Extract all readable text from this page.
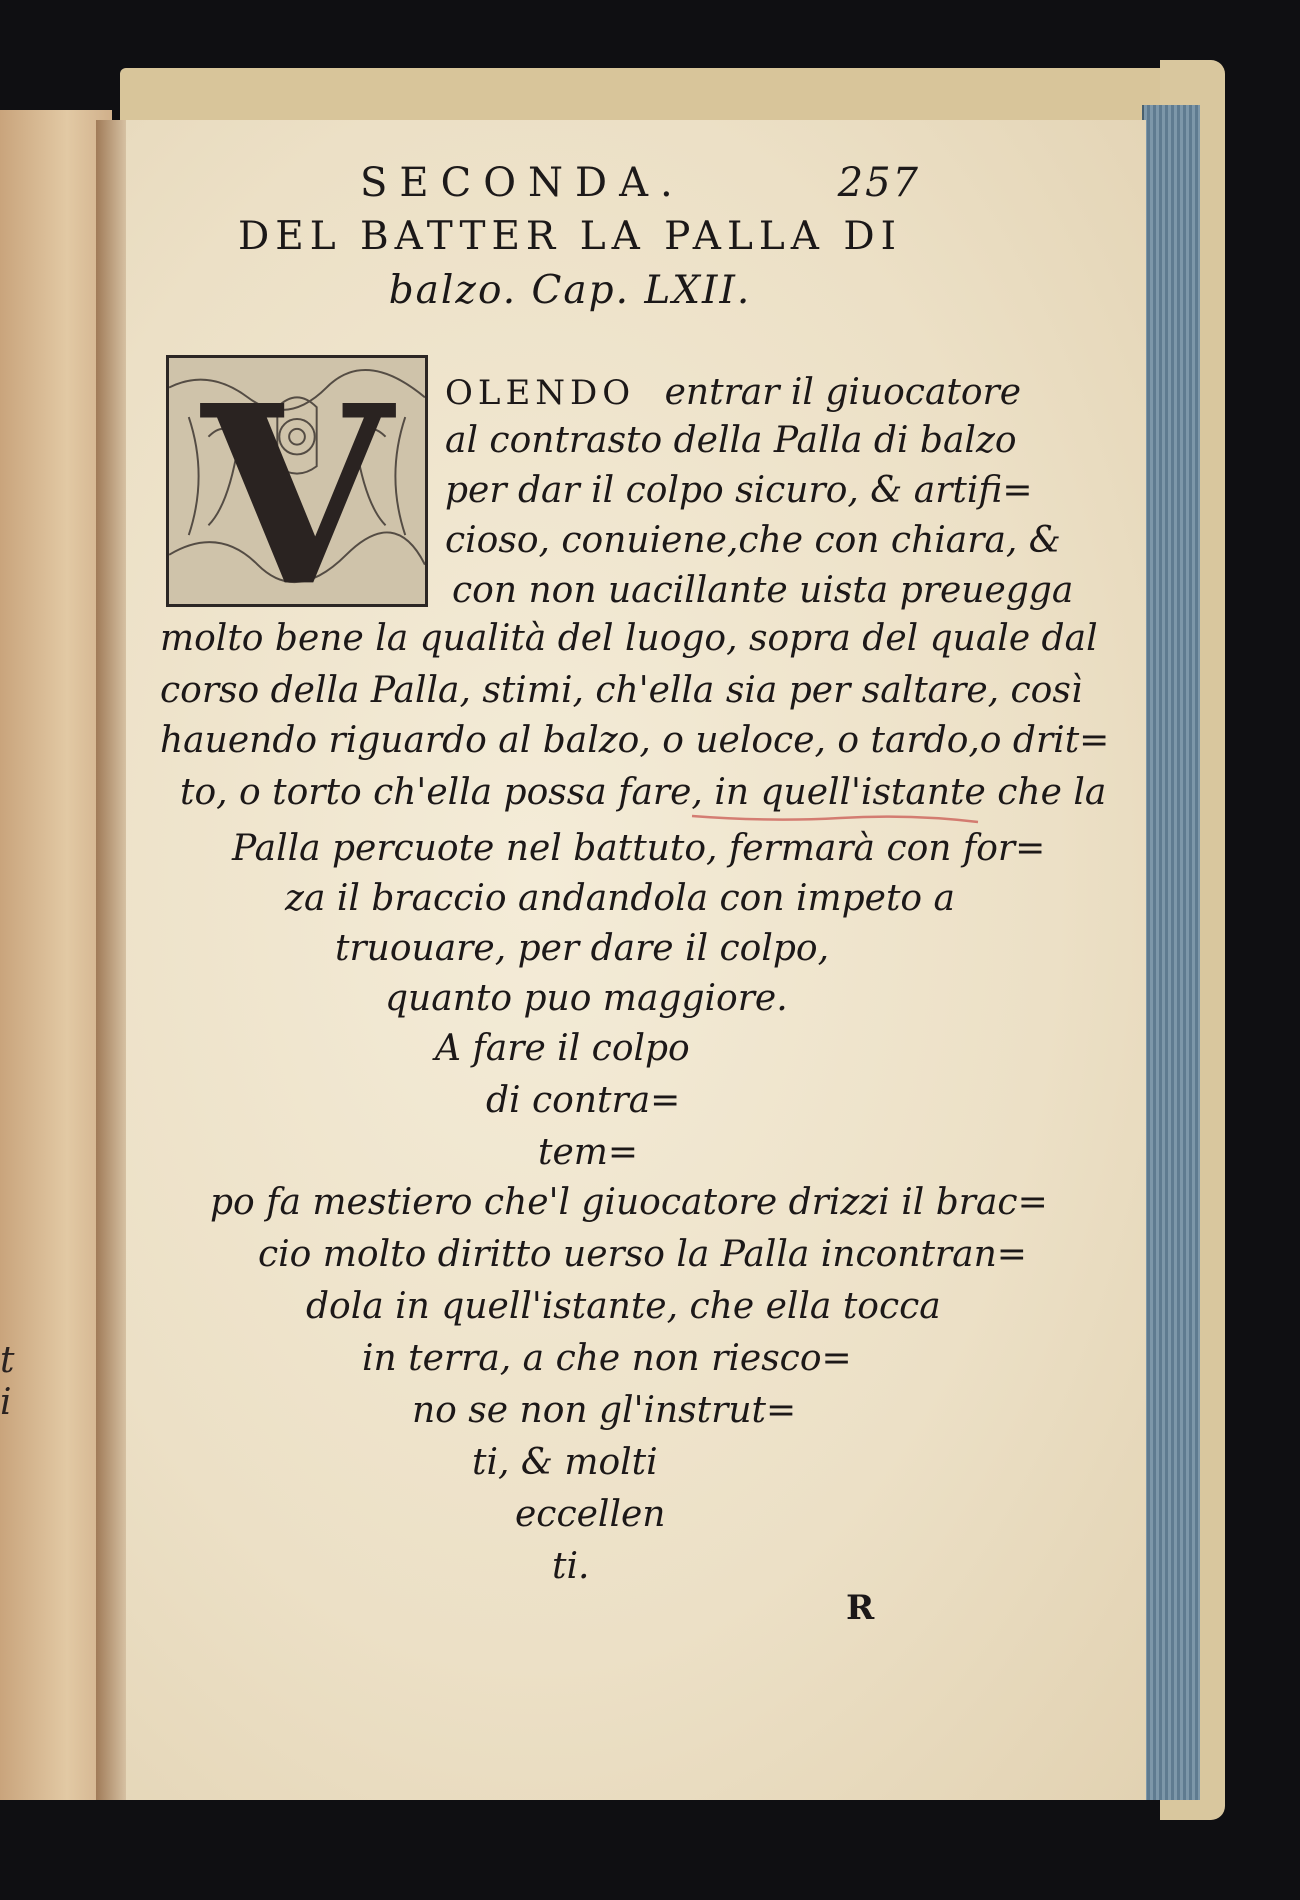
t
i
SECONDA.	257
DEL BATTER LA PALLA DI
balzo. Cap. LXII.
V OLENDO entrar il giuocatore
al contrasto della Palla di balzo
per dar il colpo sicuro, & artifi=
cioso, conuiene,che con chiara, &
con non uacillante uista preuegga
molto bene la qualità del luogo, sopra del quale dal
corso della Palla, stimi, ch'ella sia per saltare, così
hauendo riguardo al balzo, o ueloce, o tardo,o drit=
to, o torto ch'ella possa fare, in quell'istante che la
Palla percuote nel battuto, fermarà con for=
za il braccio andandola con impeto a
truouare, per dare il colpo,
quanto puo maggiore.
A fare il colpo
di contra=
tem=
po fa mestiero che'l giuocatore drizzi il brac=
cio molto diritto uerso la Palla incontran=
dola in quell'istante, che ella tocca
in terra, a che non riesco=
no se non gl'instrut=
ti, & molti
eccellen
ti.
R
